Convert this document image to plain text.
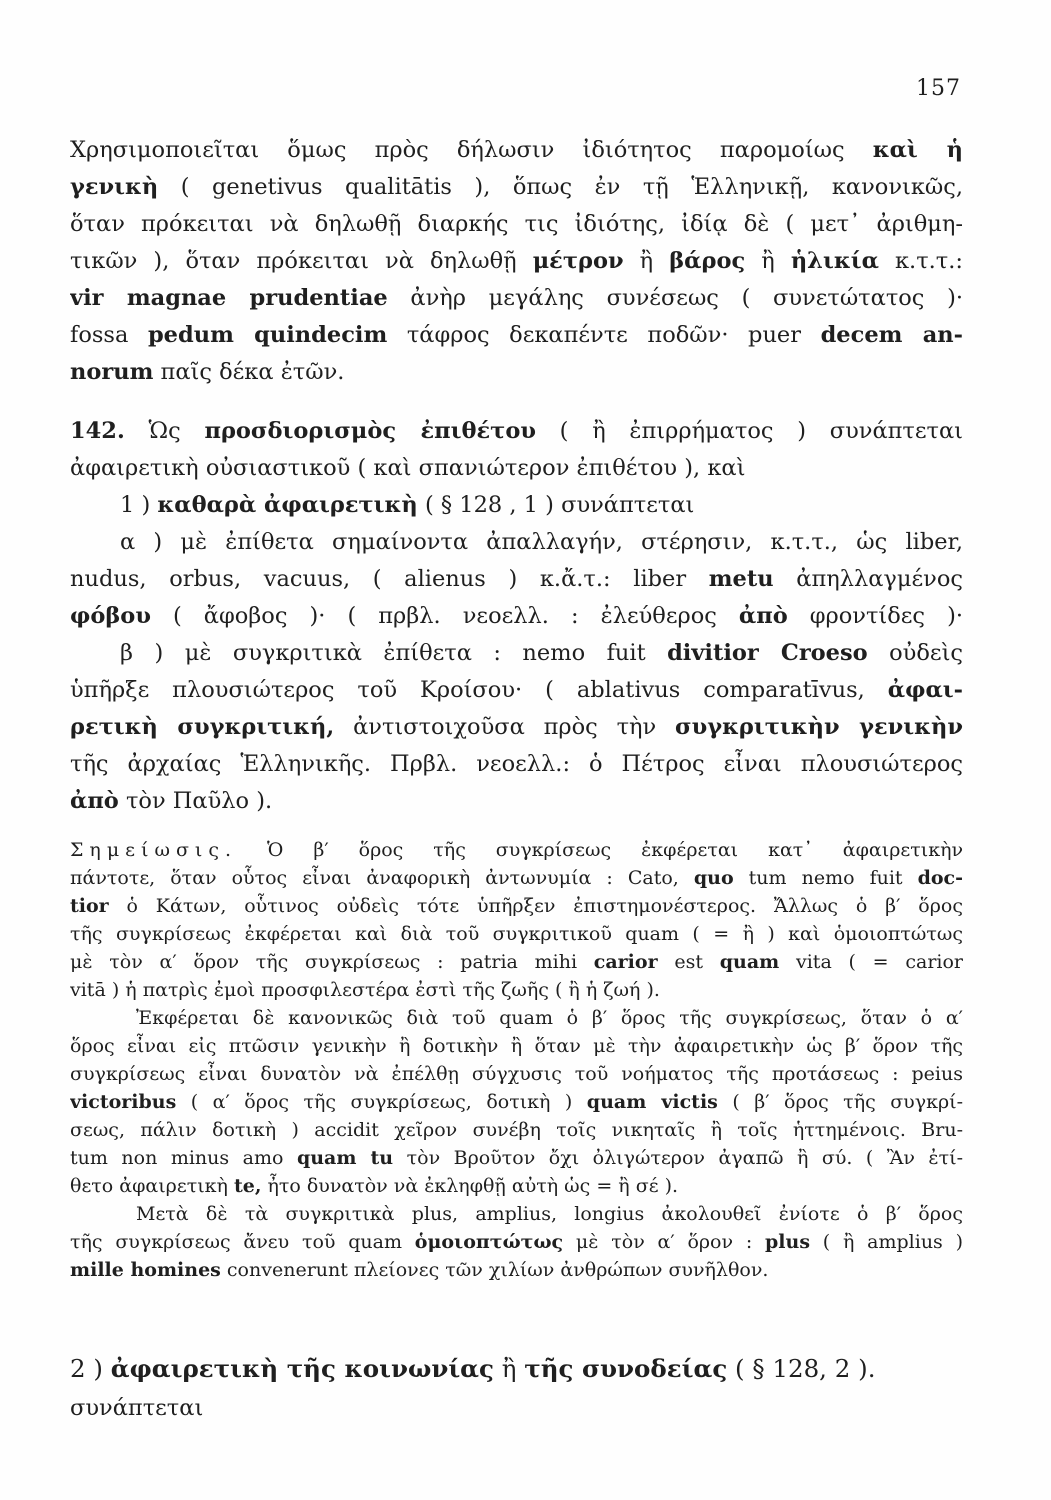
157
Χρησιμοποιεῖται ὅμως πρὸς δήλωσιν ἰδιότητος παρομοίως καὶ ἡ
γενικὴ ( genetivus qualitātis ), ὅπως ἐν τῇ Ἑλληνικῇ, κανονικῶς,
ὅταν πρόκειται νὰ δηλωθῇ διαρκής τις ἰδιότης, ἰδίᾳ δὲ ( μετ᾽ ἀριθμη-
τικῶν ), ὅταν πρόκειται νὰ δηλωθῇ μέτρον ἢ βάρος ἢ ἡλικία κ.τ.τ.:
vir magnae prudentiae ἀνὴρ μεγάλης συνέσεως ( συνετώτατος )·
fossa pedum quindecim τάφρος δεκαπέντε ποδῶν· puer decem an-
norum παῖς δέκα ἐτῶν.
142. Ὡς προσδιορισμὸς ἐπιθέτου ( ἢ ἐπιρρήματος ) συνάπτεται
ἀφαιρετικὴ οὐσιαστικοῦ ( καὶ σπανιώτερον ἐπιθέτου ), καὶ
1 ) καθαρὰ ἀφαιρετικὴ ( § 128 , 1 ) συνάπτεται
α ) μὲ ἐπίθετα σημαίνοντα ἀπαλλαγήν, στέρησιν, κ.τ.τ., ὡς liber,
nudus, orbus, vacuus, ( alienus ) κ.ἄ.τ.: liber metu ἀπηλλαγμένος
φόβου ( ἄφοβος )· ( πρβλ. νεοελλ. : ἐλεύθερος ἀπὸ φροντίδες )·
β ) μὲ συγκριτικὰ ἐπίθετα : nemo fuit divitior Croeso οὐδεὶς
ὑπῆρξε πλουσιώτερος τοῦ Κροίσου· ( ablativus comparatīvus, ἀφαι-
ρετικὴ συγκριτική, ἀντιστοιχοῦσα πρὸς τὴν συγκριτικὴν γενικὴν
τῆς ἀρχαίας Ἑλληνικῆς. Πρβλ. νεοελλ.: ὁ Πέτρος εἶναι πλουσιώτερος
ἀπὸ τὸν Παῦλο ).
Σημείωσις. Ὁ β′ ὅρος τῆς συγκρίσεως ἐκφέρεται κατ᾽ ἀφαιρετικὴν
πάντοτε, ὅταν οὗτος εἶναι ἀναφορικὴ ἀντωνυμία : Cato, quo tum nemo fuit doc-
tior ὁ Κάτων, οὗτινος οὐδεὶς τότε ὑπῆρξεν ἐπιστημονέστερος. Ἄλλως ὁ β′ ὅρος
τῆς συγκρίσεως ἐκφέρεται καὶ διὰ τοῦ συγκριτικοῦ quam ( = ἢ ) καὶ ὁμοιοπτώτως
μὲ τὸν α′ ὅρον τῆς συγκρίσεως : patria mihi carior est quam vita ( = carior
vitā ) ἡ πατρὶς ἐμοὶ προσφιλεστέρα ἐστὶ τῆς ζωῆς ( ἢ ἡ ζωή ).
Ἐκφέρεται δὲ κανονικῶς διὰ τοῦ quam ὁ β′ ὅρος τῆς συγκρίσεως, ὅταν ὁ α′
ὅρος εἶναι εἰς πτῶσιν γενικὴν ἢ δοτικὴν ἢ ὅταν μὲ τὴν ἀφαιρετικὴν ὡς β′ ὅρον τῆς
συγκρίσεως εἶναι δυνατὸν νὰ ἐπέλθῃ σύγχυσις τοῦ νοήματος τῆς προτάσεως : peius
victoribus ( α′ ὅρος τῆς συγκρίσεως, δοτικὴ ) quam victis ( β′ ὅρος τῆς συγκρί-
σεως, πάλιν δοτικὴ ) accidit χεῖρον συνέβη τοῖς νικηταῖς ἢ τοῖς ἡττημένοις. Bru-
tum non minus amo quam tu τὸν Βροῦτον ὄχι ὀλιγώτερον ἀγαπῶ ἢ σύ. ( Ἂν ἐτί-
θετο ἀφαιρετικὴ te, ἦτο δυνατὸν νὰ ἐκληφθῇ αὐτὴ ὡς = ἢ σέ ).
Μετὰ δὲ τὰ συγκριτικὰ plus, amplius, longius ἀκολουθεῖ ἐνίοτε ὁ β′ ὅρος
τῆς συγκρίσεως ἄνευ τοῦ quam ὁμοιοπτώτως μὲ τὸν α′ ὅρον : plus ( ἢ amplius )
mille homines convenerunt πλείονες τῶν χιλίων ἀνθρώπων συνῆλθον.
2 ) ἀφαιρετικὴ τῆς κοινωνίας ἢ τῆς συνοδείας ( § 128, 2 ).
συνάπτεται
